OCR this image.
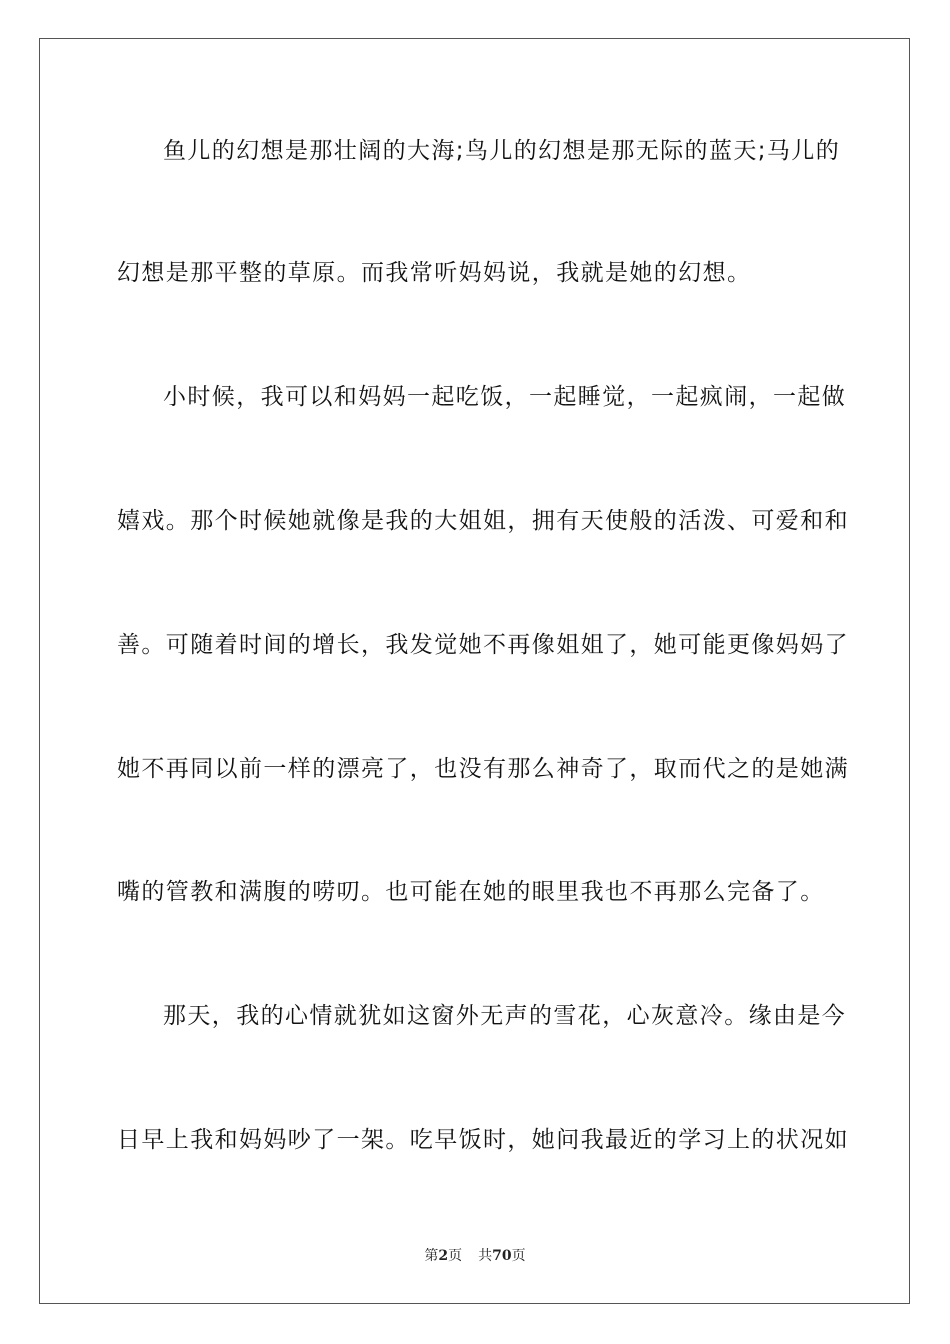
鱼儿的幻想是那壮阔的大海;鸟儿的幻想是那无际的蓝天;马儿的
幻想是那平整的草原。而我常听妈妈说，我就是她的幻想。
小时候，我可以和妈妈一起吃饭，一起睡觉，一起疯闹，一起做
嬉戏。那个时候她就像是我的大姐姐，拥有天使般的活泼、可爱和和
善。可随着时间的增长，我发觉她不再像姐姐了，她可能更像妈妈了
她不再同以前一样的漂亮了，也没有那么神奇了，取而代之的是她满
嘴的管教和满腹的唠叨。也可能在她的眼里我也不再那么完备了。
那天，我的心情就犹如这窗外无声的雪花，心灰意冷。缘由是今
日早上我和妈妈吵了一架。吃早饭时，她问我最近的学习上的状况如
第2页 共70页
